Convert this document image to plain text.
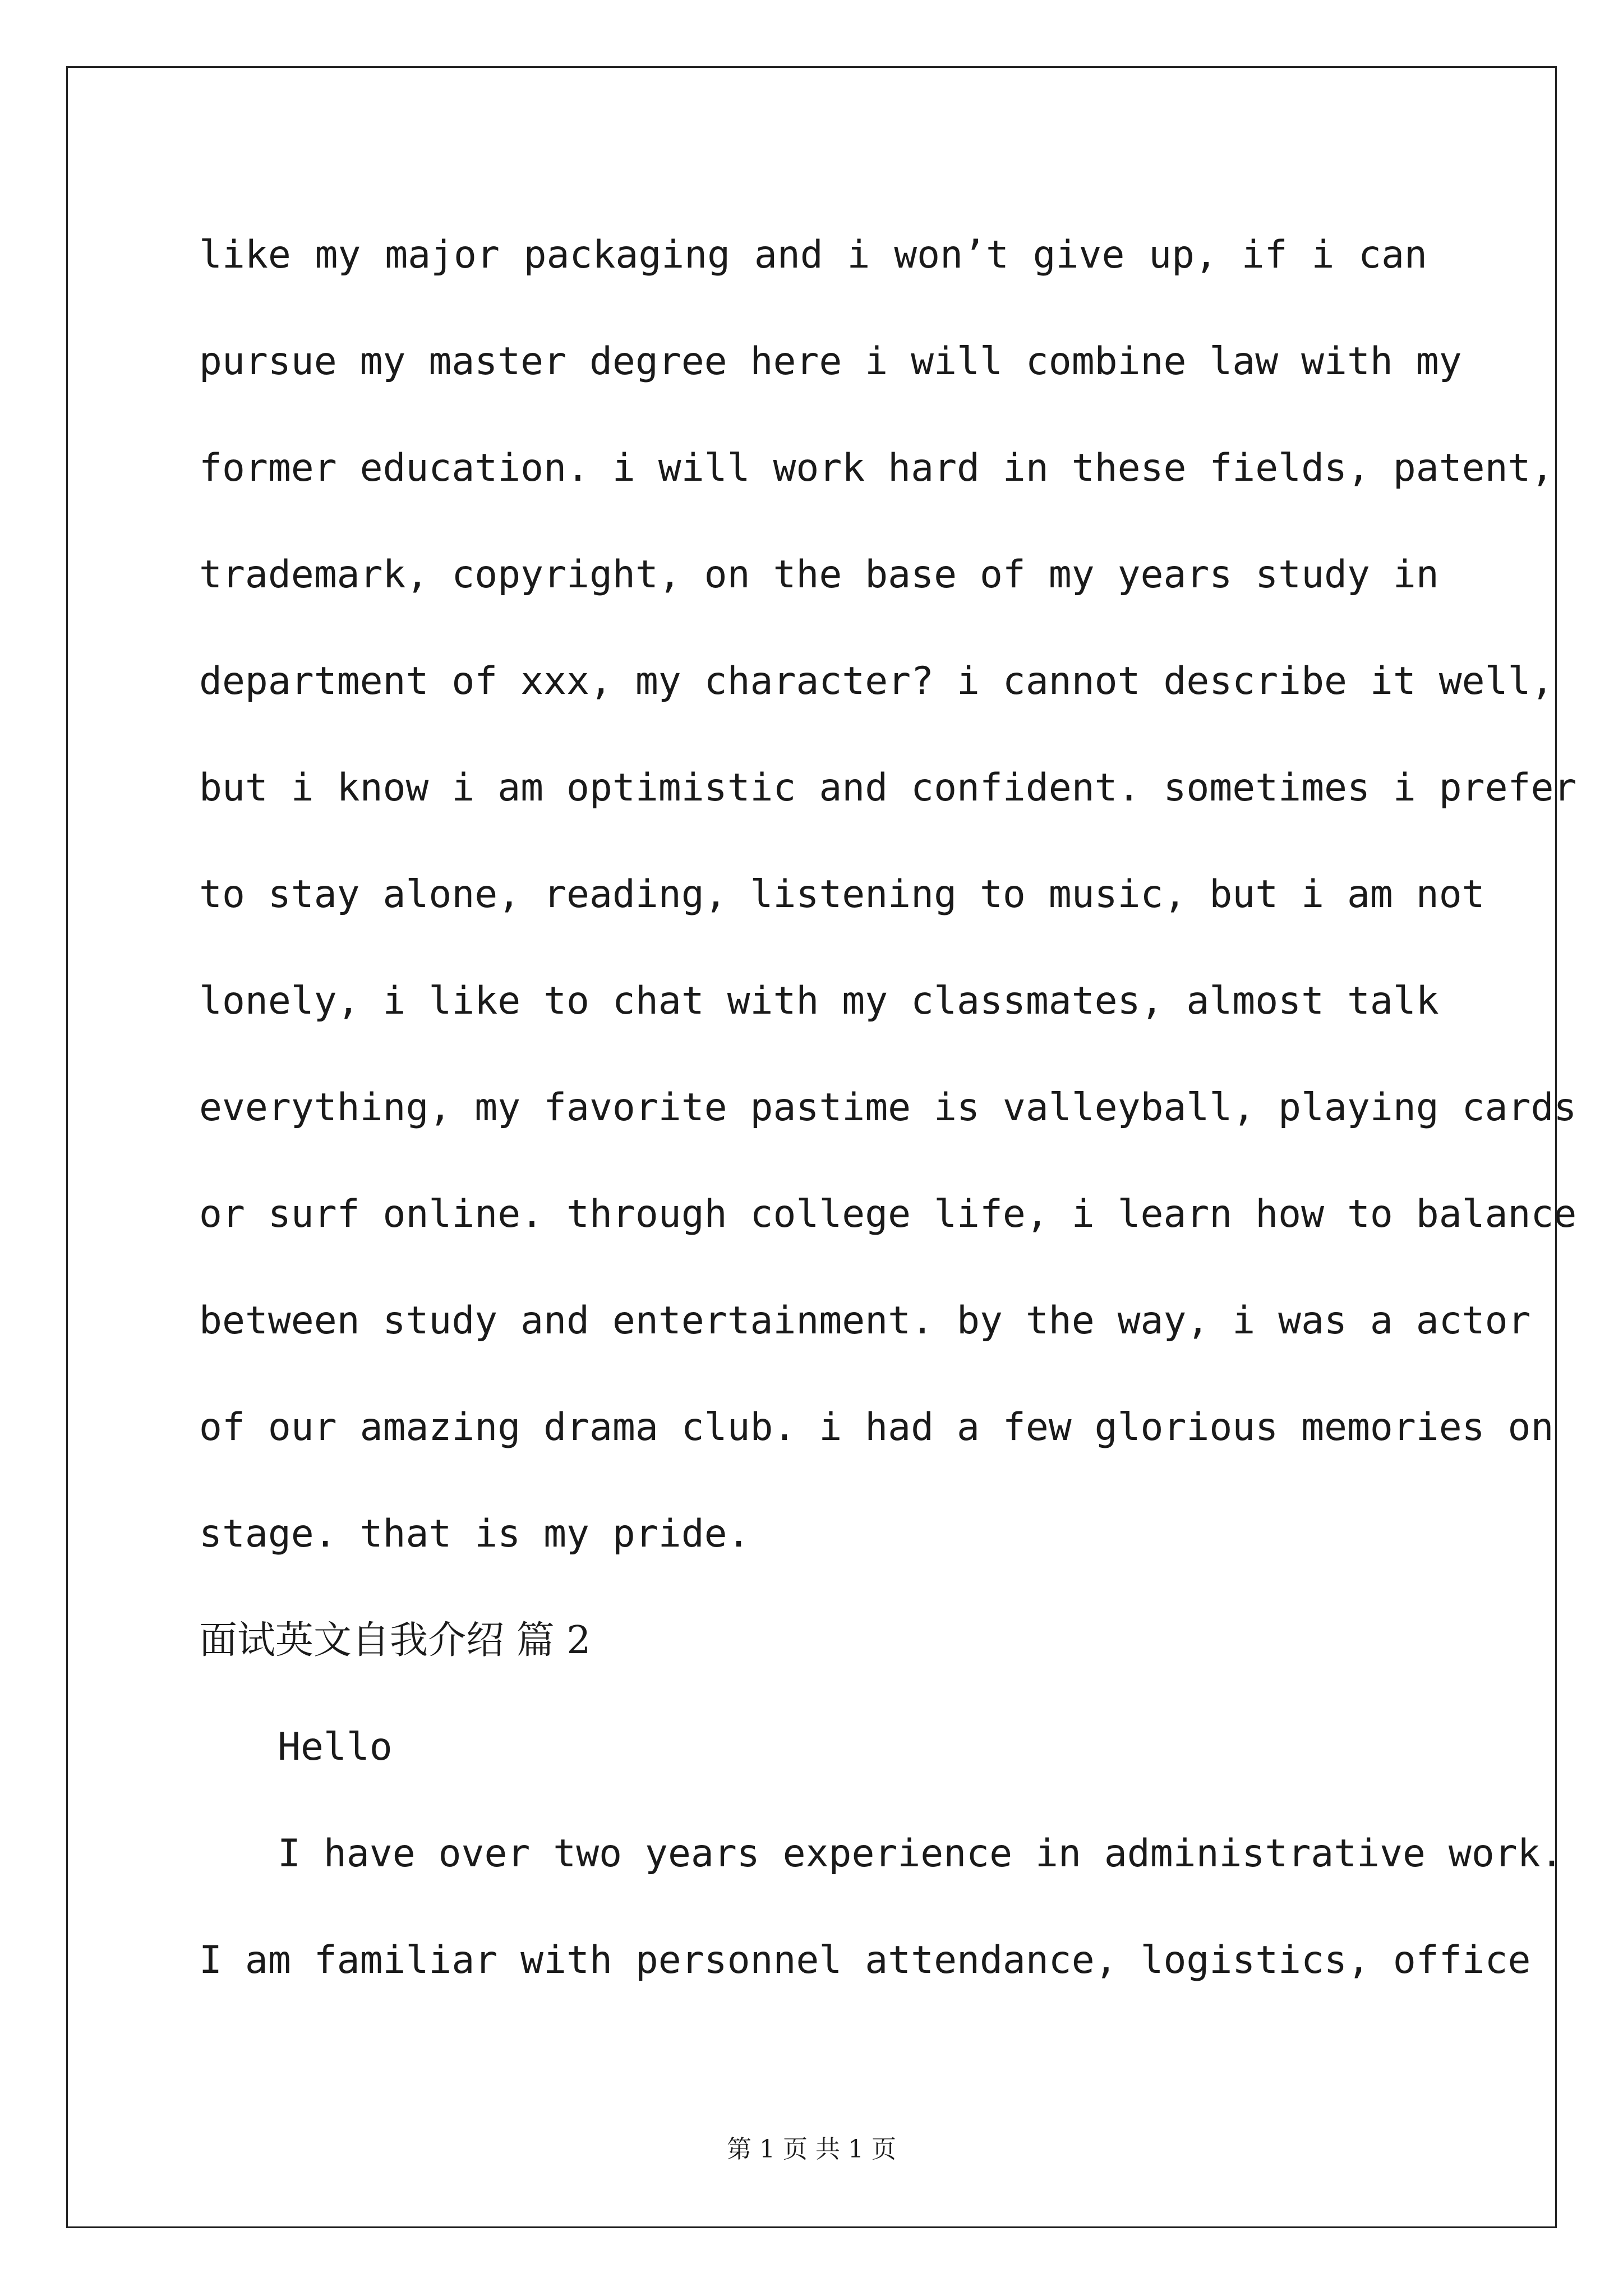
like my major packaging and i won’t give up, if i can
pursue my master degree here i will combine law with my
former education. i will work hard in these fields, patent,
trademark, copyright, on the base of my years study in
department of xxx, my character? i cannot describe it well,
but i know i am optimistic and confident. sometimes i prefer
to stay alone, reading, listening to music, but i am not
lonely, i like to chat with my classmates, almost talk
everything, my favorite pastime is valleyball, playing cards
or surf online. through college life, i learn how to balance
between study and entertainment. by the way, i was a actor
of our amazing drama club. i had a few glorious memories on
stage. that is my pride.
面试英文自我介绍 篇 2
Hello
I have over two years experience in administrative work.
I am familiar with personnel attendance, logistics, office
第 1 页 共 1 页
